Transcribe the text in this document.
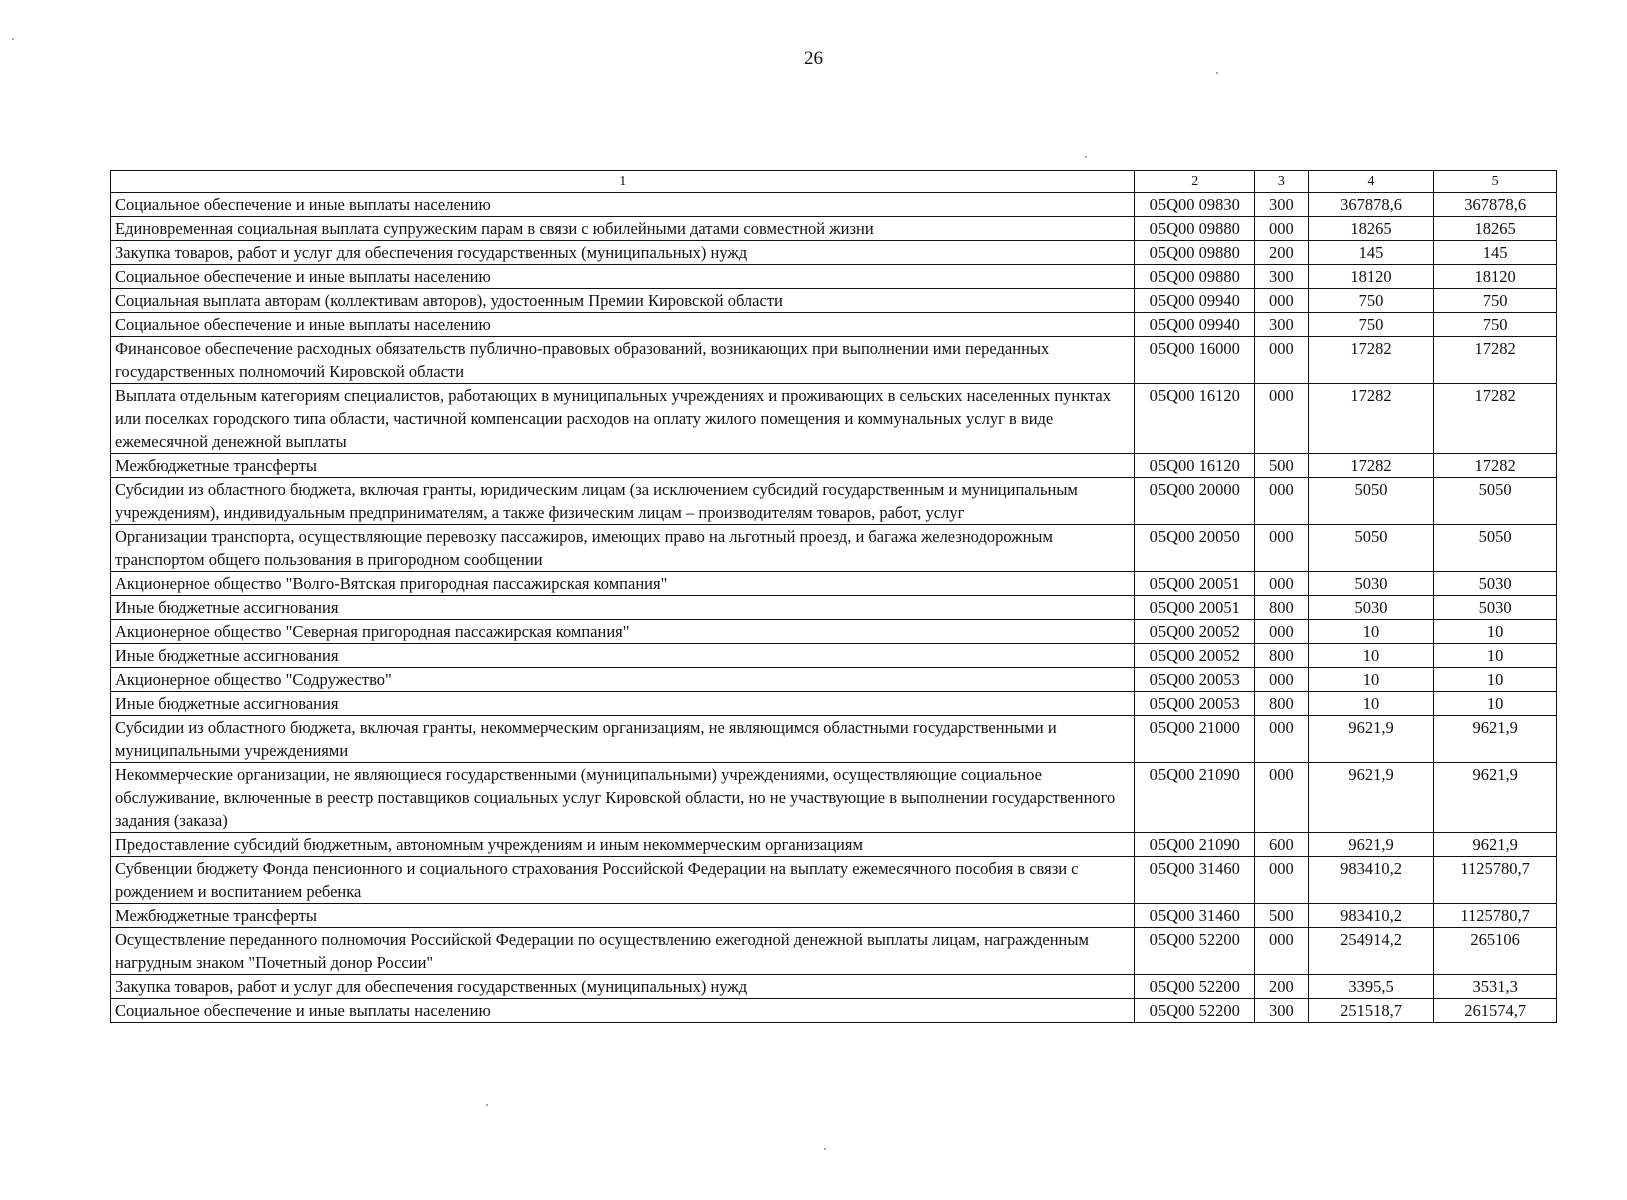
26
1	2	3	4	5
Социальное обеспечение и иные выплаты населению	05Q00 09830	300	367878,6	367878,6
Единовременная социальная выплата супружеским парам в связи с юбилейными датами совместной жизни	05Q00 09880	000	18265	18265
Закупка товаров, работ и услуг для обеспечения государственных (муниципальных) нужд	05Q00 09880	200	145	145
Социальное обеспечение и иные выплаты населению	05Q00 09880	300	18120	18120
Социальная выплата авторам (коллективам авторов), удостоенным Премии Кировской области	05Q00 09940	000	750	750
Социальное обеспечение и иные выплаты населению	05Q00 09940	300	750	750
Финансовое обеспечение расходных обязательств публично-правовых образований, возникающих при выполнении ими переданных государственных полномочий Кировской области	05Q00 16000	000	17282	17282
Выплата отдельным категориям специалистов, работающих в муниципальных учреждениях и проживающих в сельских населенных пунктах или поселках городского типа области, частичной компенсации расходов на оплату жилого помещения и коммунальных услуг в виде ежемесячной денежной выплаты	05Q00 16120	000	17282	17282
Межбюджетные трансферты	05Q00 16120	500	17282	17282
Субсидии из областного бюджета, включая гранты, юридическим лицам (за исключением субсидий государственным и муниципальным учреждениям), индивидуальным предпринимателям, а также физическим лицам – производителям товаров, работ, услуг	05Q00 20000	000	5050	5050
Организации транспорта, осуществляющие перевозку пассажиров, имеющих право на льготный проезд, и багажа железнодорожным транспортом общего пользования в пригородном сообщении	05Q00 20050	000	5050	5050
Акционерное общество "Волго-Вятская пригородная пассажирская компания"	05Q00 20051	000	5030	5030
Иные бюджетные ассигнования	05Q00 20051	800	5030	5030
Акционерное общество "Северная пригородная пассажирская компания"	05Q00 20052	000	10	10
Иные бюджетные ассигнования	05Q00 20052	800	10	10
Акционерное общество "Содружество"	05Q00 20053	000	10	10
Иные бюджетные ассигнования	05Q00 20053	800	10	10
Субсидии из областного бюджета, включая гранты, некоммерческим организациям, не являющимся областными государственными и муниципальными учреждениями	05Q00 21000	000	9621,9	9621,9
Некоммерческие организации, не являющиеся государственными (муниципальными) учреждениями, осуществляющие социальное обслуживание, включенные в реестр поставщиков социальных услуг Кировской области, но не участвующие в выполнении государственного задания (заказа)	05Q00 21090	000	9621,9	9621,9
Предоставление субсидий бюджетным, автономным учреждениям и иным некоммерческим организациям	05Q00 21090	600	9621,9	9621,9
Субвенции бюджету Фонда пенсионного и социального страхования Российской Федерации на выплату ежемесячного пособия в связи с рождением и воспитанием ребенка	05Q00 31460	000	983410,2	1125780,7
Межбюджетные трансферты	05Q00 31460	500	983410,2	1125780,7
Осуществление переданного полномочия Российской Федерации по осуществлению ежегодной денежной выплаты лицам, награжденным нагрудным знаком "Почетный донор России"	05Q00 52200	000	254914,2	265106
Закупка товаров, работ и услуг для обеспечения государственных (муниципальных) нужд	05Q00 52200	200	3395,5	3531,3
Социальное обеспечение и иные выплаты населению	05Q00 52200	300	251518,7	261574,7
